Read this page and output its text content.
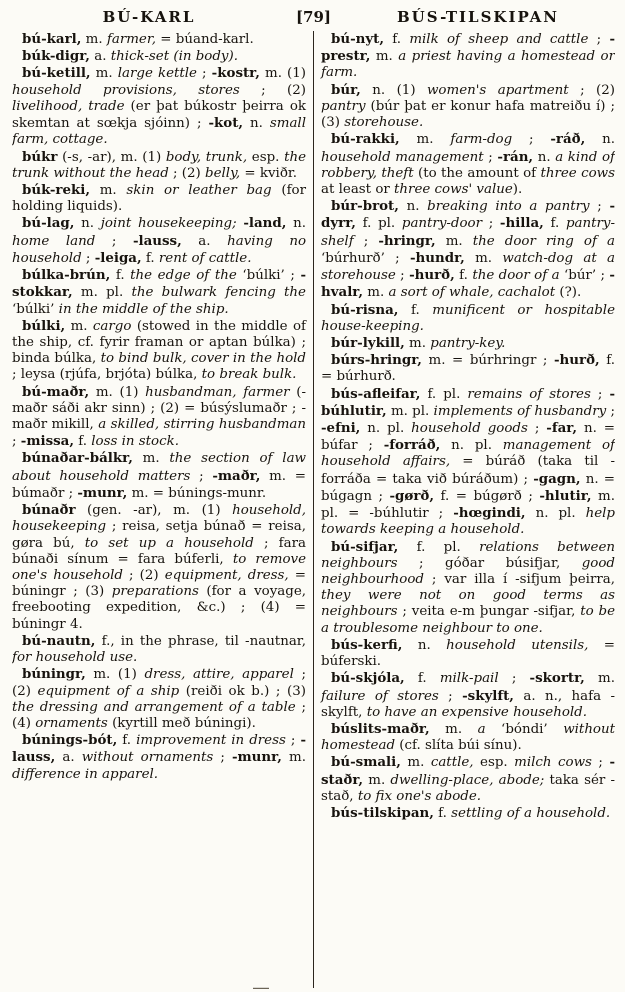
BÚ-KARL	[79]	BÚS-TILSKIPAN

bú-karl, m. farmer, = búand-karl.

búk-digr, a. thick-set (in body).

bú-ketill, m. large kettle ; -kostr, m. (1) household provisions, stores ; (2) livelihood, trade (er þat búkostr þeirra ok skemtan at sœkja sjóinn) ; -kot, n. small farm, cottage.

búkr (-s, -ar), m. (1) body, trunk, esp. the trunk without the head ; (2) belly, = kviðr.

búk-reki, m. skin or leather bag (for holding liquids).

bú-lag, n. joint housekeeping; -land, n. home land ; -lauss, a. having no household ; -leiga, f. rent of cattle.

búlka-brún, f. the edge of the ‘búlki’ ; -stokkar, m. pl. the bulwark fencing the ‘búlki’ in the middle of the ship.

búlki, m. cargo (stowed in the middle of the ship, cf. fyrir framan or aptan búlka) ; binda búlka, to bind bulk, cover in the hold ; leysa (rjúfa, brjóta) búlka, to break bulk.

bú-maðr, m. (1) husbandman, farmer (-maðr sáði akr sinn) ; (2) = búsýslumaðr ; -maðr mikill, a skilled, stirring husbandman ; -missa, f. loss in stock.

búnaðar-bálkr, m. the section of law about household matters ; -maðr, m. = búmaðr ; -munr, m. = búnings-munr.

búnaðr (gen. -ar), m. (1) household, housekeeping ; reisa, setja búnað = reisa, gøra bú, to set up a household ; fara búnaði sínum = fara búferli, to remove one's household ; (2) equipment, dress, = búningr ; (3) preparations (for a voyage, freebooting expedition, &c.) ; (4) = búningr 4.

bú-nautn, f., in the phrase, til -nautnar, for household use.

búningr, m. (1) dress, attire, apparel ; (2) equipment of a ship (reiði ok b.) ; (3) the dressing and arrangement of a table ; (4) ornaments (kyrtill með búningi).

búnings-bót, f. improvement in dress ; -lauss, a. without ornaments ; -munr, m. difference in apparel.

bú-nyt, f. milk of sheep and cattle ; -prestr, m. a priest having a homestead or farm.

búr, n. (1) women's apartment ; (2) pantry (búr þat er konur hafa matreiðu í) ; (3) storehouse.

bú-rakki, m. farm-dog ; -ráð, n. household management ; -rán, n. a kind of robbery, theft (to the amount of three cows at least or three cows' value).

búr-brot, n. breaking into a pantry ; -dyrr, f. pl. pantry-door ; -hilla, f. pantry-shelf ; -hringr, m. the door ring of a ‘búrhurð’ ; -hundr, m. watch-dog at a storehouse ; -hurð, f. the door of a ‘búr’ ; -hvalr, m. a sort of whale, cachalot (?).

bú-risna, f. munificent or hospitable house-keeping.

búr-lykill, m. pantry-key.

búrs-hringr, m. = búrhringr ; -hurð, f. = búrhurð.

bús-afleifar, f. pl. remains of stores ; -búhlutir, m. pl. implements of husbandry ; -efni, n. pl. household goods ; -far, n. = búfar ; -forráð, n. pl. management of household affairs, = búráð (taka til -forráða = taka við búráðum) ; -gagn, n. = búgagn ; -gørð, f. = búgørð ; -hlutir, m. pl. = -búhlutir ; -hœgindi, n. pl. help towards keeping a household.

bú-sifjar, f. pl. relations between neighbours ; góðar búsifjar, good neighbourhood ; var illa í -sifjum þeirra, they were not on good terms as neighbours ; veita e-m þungar -sifjar, to be a troublesome neighbour to one.

bús-kerfi, n. household utensils, = búferski.

bú-skjóla, f. milk-pail ; -skortr, m. failure of stores ; -skylft, a. n., hafa -skylft, to have an expensive household.

búslits-maðr, m. a ‘bóndi’ without homestead (cf. slíta búi sínu).

bú-smali, m. cattle, esp. milch cows ; -staðr, m. dwelling-place, abode; taka sér -stað, to fix one's abode.

bús-tilskipan, f. settling of a household.
